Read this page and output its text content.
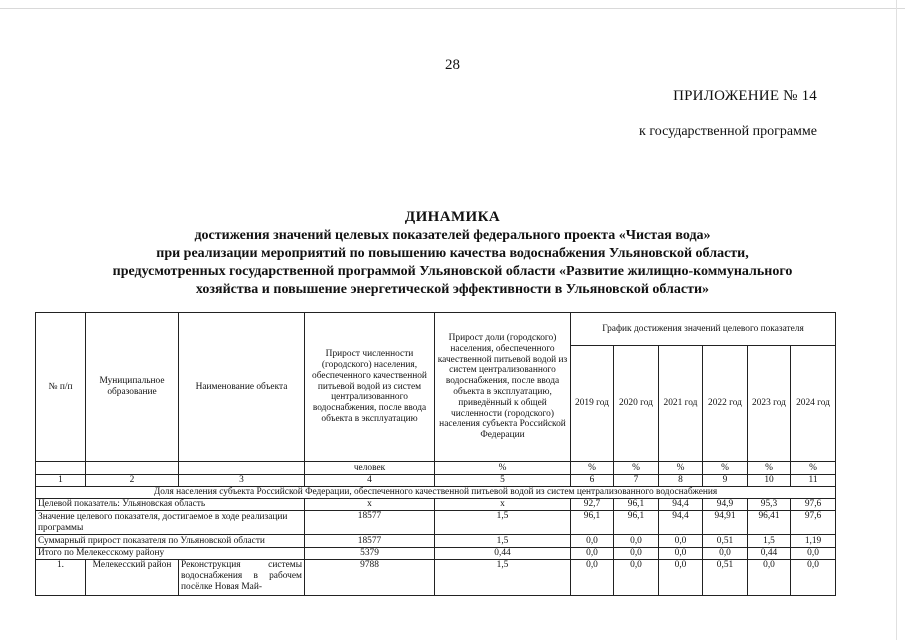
28
ПРИЛОЖЕНИЕ № 14
к государственной программе
ДИНАМИКА
достижения значений целевых показателей федерального проекта «Чистая вода»
при реализации мероприятий по повышению качества водоснабжения Ульяновской области,
предусмотренных государственной программой Ульяновской области «Развитие жилищно-коммунального
хозяйства и повышение энергетической эффективности в Ульяновской области»
№ п/п	Муниципальное образование	Наименование объекта	Прирост численности (городского) населения, обеспеченного качественной питьевой водой из систем централизованного водоснабжения, после ввода объекта в эксплуатацию	Прирост доли (городского) населения, обеспеченного качественной питьевой водой из систем централизованного водоснабжения, после ввода объекта в эксплуатацию, приведённый к общей численности (городского) населения субъекта Российской Федерации	График достижения значений целевого показателя					
					2019 год	2020 год	2021 год	2022 год	2023 год	2024 год
			человек	%	%	%	%	%	%	%
1	2	3	4	5	6	7	8	9	10	11
Доля населения субъекта Российской Федерации, обеспеченного качественной питьевой водой из систем централизованного водоснабжения										
Целевой показатель: Ульяновская область			х	х	92,7	96,1	94,4	94,9	95,3	97,6
Значение целевого показателя, достигаемое в ходе реализации программы			18577	1,5	96,1	96,1	94,4	94,91	96,41	97,6
Суммарный прирост показателя по Ульяновской области			18577	1,5	0,0	0,0	0,0	0,51	1,5	1,19
Итого по Мелекесскому району			5379	0,44	0,0	0,0	0,0	0,0	0,44	0,0
1.	Мелекесский район	Реконструкция системы водоснабжения в рабочем посёлке Новая Май-	9788	1,5	0,0	0,0	0,0	0,51	0,0	0,0
